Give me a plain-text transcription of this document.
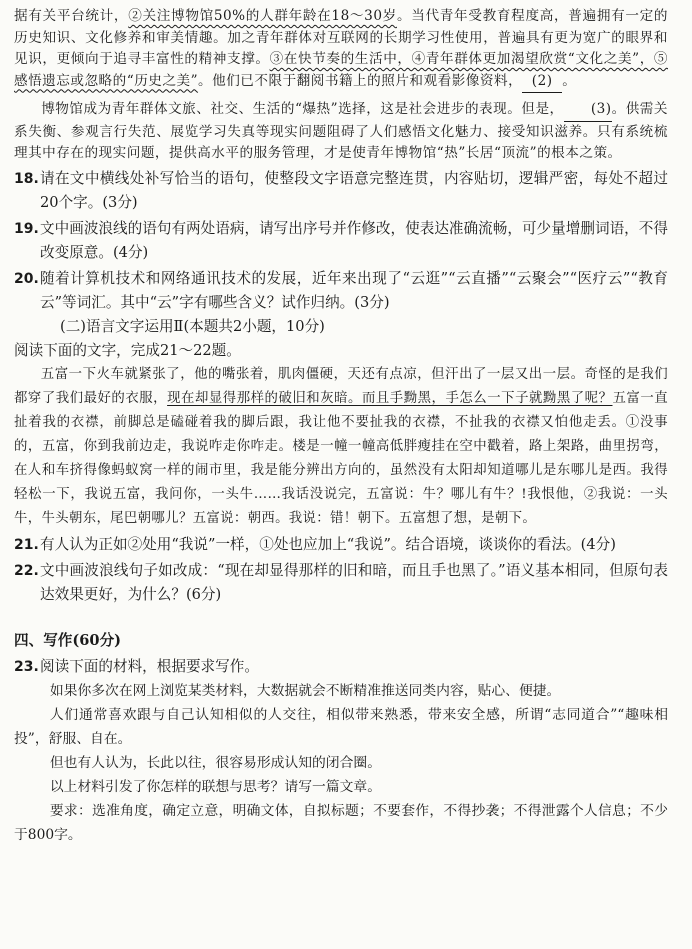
据有关平台统计，②关注博物馆50%的人群年龄在18～30岁。当代青年受教育程度高，普遍拥有一定的历史知识、文化修养和审美情趣。加之青年群体对互联网的长期学习性使用，普遍具有更为宽广的眼界和见识，更倾向于追寻丰富性的精神支撑。③在快节奏的生活中，④青年群体更加渴望欣赏“文化之美”，⑤感悟遗忘或忽略的“历史之美”。他们已不限于翻阅书籍上的照片和观看影像资料， (2) 。

博物馆成为青年群体文旅、社交、生活的“爆热”选择，这是社会进步的表现。但是， (3)。供需关系失衡、参观言行失范、展览学习失真等现实问题阻碍了人们感悟文化魅力、接受知识滋养。只有系统梳理其中存在的现实问题，提供高水平的服务管理，才是使青年博物馆“热”长居“顶流”的根本之策。

18. 请在文中横线处补写恰当的语句，使整段文字语意完整连贯，内容贴切，逻辑严密，每处不超过20个字。(3分)
19. 文中画波浪线的语句有两处语病，请写出序号并作修改，使表达准确流畅，可少量增删词语，不得改变原意。(4分)
20. 随着计算机技术和网络通讯技术的发展，近年来出现了“云逛”“云直播”“云聚会”“医疗云”“教育云”等词汇。其中“云”字有哪些含义？试作归纳。(3分)

(二)语言文字运用Ⅱ(本题共2小题，10分)

阅读下面的文字，完成21～22题。

五富一下火车就紧张了，他的嘴张着，肌肉僵硬，天还有点凉，但汗出了一层又出一层。奇怪的是我们都穿了我们最好的衣服，现在却显得那样的破旧和灰暗。而且手黝黑，手怎么一下子就黝黑了呢？五富一直扯着我的衣襟，前脚总是磕碰着我的脚后跟，我让他不要扯我的衣襟，不扯我的衣襟又怕他走丢。①没事的，五富，你到我前边走，我说咋走你咋走。楼是一幢一幢高低胖瘦挂在空中戳着，路上架路，曲里拐弯，在人和车挤得像蚂蚁窝一样的闹市里，我是能分辨出方向的，虽然没有太阳却知道哪儿是东哪儿是西。我得轻松一下，我说五富，我问你，一头牛……我话没说完，五富说：牛？哪儿有牛？!我恨他，②我说：一头牛，牛头朝东，尾巴朝哪儿？五富说：朝西。我说：错！朝下。五富想了想，是朝下。

21. 有人认为正如②处用“我说”一样，①处也应加上“我说”。结合语境，谈谈你的看法。(4分)
22. 文中画波浪线句子如改成：“现在却显得那样的旧和暗，而且手也黑了。”语义基本相同，但原句表达效果更好，为什么？(6分)

四、写作(60分)

23. 阅读下面的材料，根据要求写作。

如果你多次在网上浏览某类材料，大数据就会不断精准推送同类内容，贴心、便捷。

人们通常喜欢跟与自己认知相似的人交往，相似带来熟悉，带来安全感，所谓“志同道合”“趣味相投”，舒服、自在。

但也有人认为，长此以往，很容易形成认知的闭合圈。

以上材料引发了你怎样的联想与思考？请写一篇文章。

要求：选准角度，确定立意，明确文体，自拟标题；不要套作，不得抄袭；不得泄露个人信息；不少于800字。
